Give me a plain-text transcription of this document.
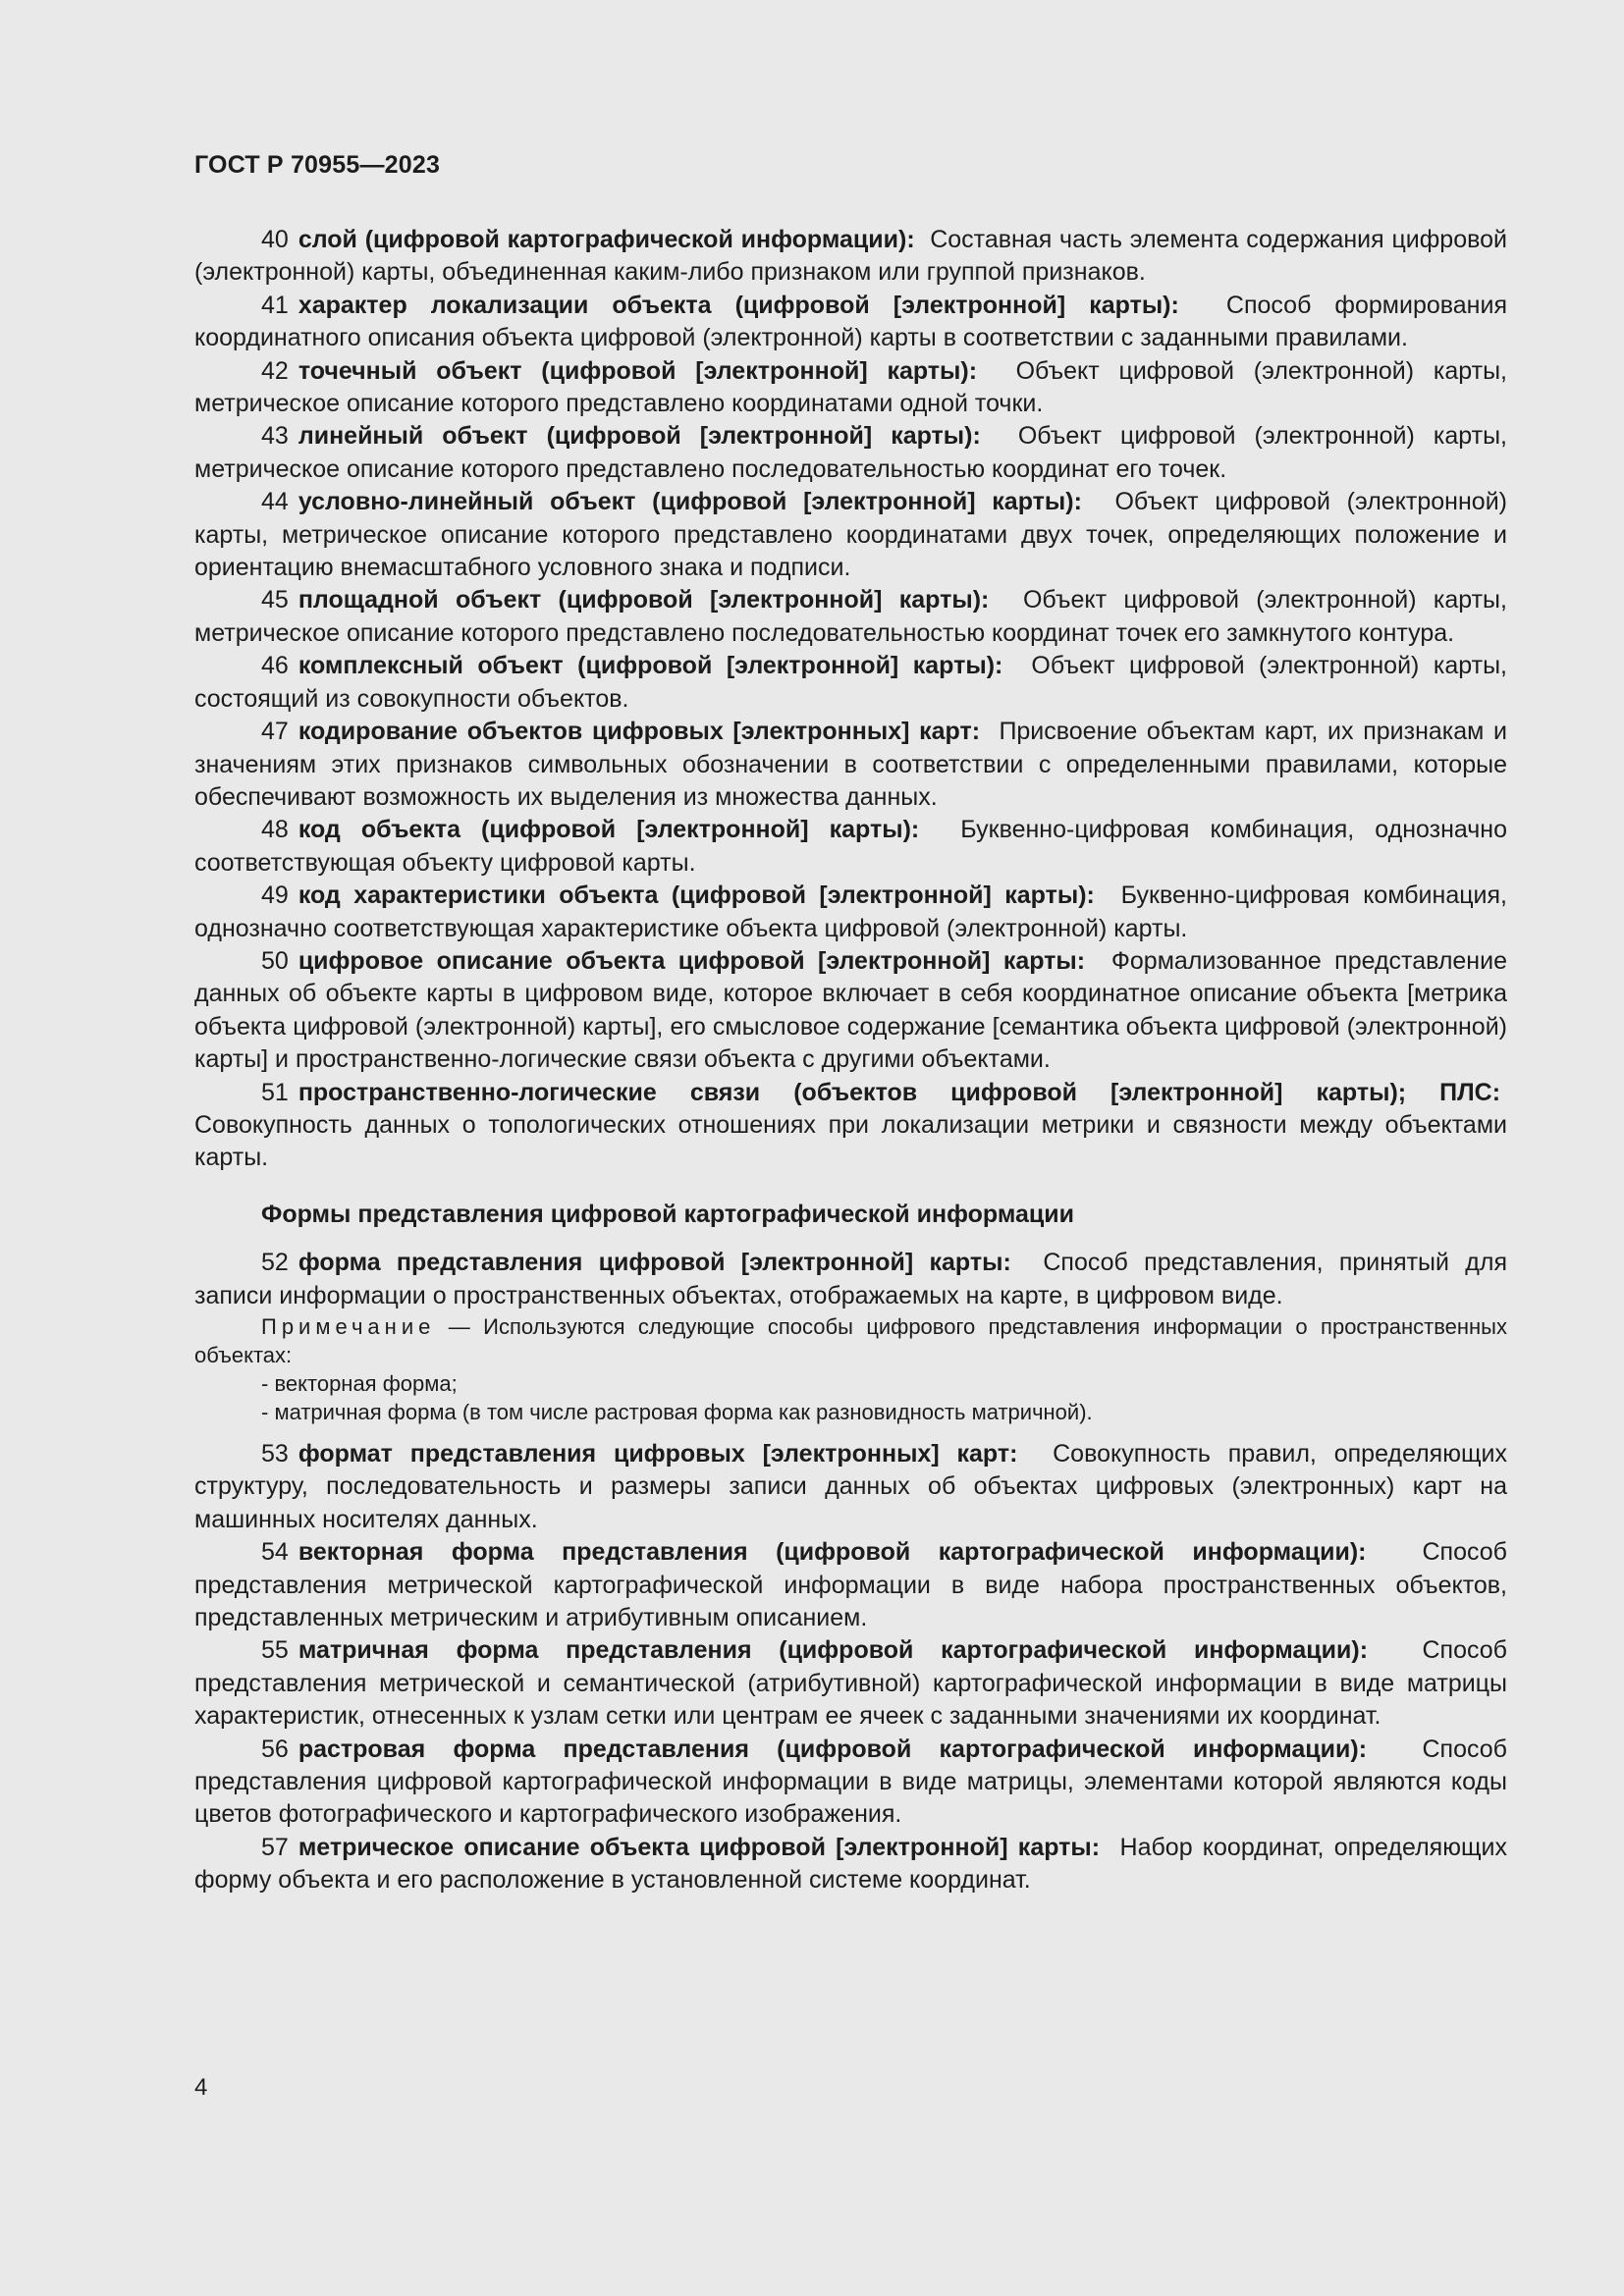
ГОСТ Р 70955—2023

40 слой (цифровой картографической информации): Составная часть элемента содержания цифровой (электронной) карты, объединенная каким-либо признаком или группой признаков.

41 характер локализации объекта (цифровой [электронной] карты): Способ формирования координатного описания объекта цифровой (электронной) карты в соответствии с заданными правилами.

42 точечный объект (цифровой [электронной] карты): Объект цифровой (электронной) карты, метрическое описание которого представлено координатами одной точки.

43 линейный объект (цифровой [электронной] карты): Объект цифровой (электронной) карты, метрическое описание которого представлено последовательностью координат его точек.

44 условно-линейный объект (цифровой [электронной] карты): Объект цифровой (электронной) карты, метрическое описание которого представлено координатами двух точек, определяющих положение и ориентацию внемасштабного условного знака и подписи.

45 площадной объект (цифровой [электронной] карты): Объект цифровой (электронной) карты, метрическое описание которого представлено последовательностью координат точек его замкнутого контура.

46 комплексный объект (цифровой [электронной] карты): Объект цифровой (электронной) карты, состоящий из совокупности объектов.

47 кодирование объектов цифровых [электронных] карт: Присвоение объектам карт, их признакам и значениям этих признаков символьных обозначении в соответствии с определенными правилами, которые обеспечивают возможность их выделения из множества данных.

48 код объекта (цифровой [электронной] карты): Буквенно-цифровая комбинация, однозначно соответствующая объекту цифровой карты.

49 код характеристики объекта (цифровой [электронной] карты): Буквенно-цифровая комбинация, однозначно соответствующая характеристике объекта цифровой (электронной) карты.

50 цифровое описание объекта цифровой [электронной] карты: Формализованное представление данных об объекте карты в цифровом виде, которое включает в себя координатное описание объекта [метрика объекта цифровой (электронной) карты], его смысловое содержание [семантика объекта цифровой (электронной) карты] и пространственно-логические связи объекта с другими объектами.

51 пространственно-логические связи (объектов цифровой [электронной] карты); ПЛС:  Совокупность данных о топологических отношениях при локализации метрики и связности между объектами карты.

Формы представления цифровой картографической информации

52 форма представления цифровой [электронной] карты: Способ представления, принятый для записи информации о пространственных объектах, отображаемых на карте, в цифровом виде.

Примечание — Используются следующие способы цифрового представления информации о пространственных объектах:

- векторная форма;
- матричная форма (в том числе растровая форма как разновидность матричной).

53 формат представления цифровых [электронных] карт: Совокупность правил, определяющих структуру, последовательность и размеры записи данных об объектах цифровых (электронных) карт на машинных носителях данных.

54 векторная форма представления (цифровой картографической информации): Способ представления метрической картографической информации в виде набора пространственных объектов, представленных метрическим и атрибутивным описанием.

55 матричная форма представления (цифровой картографической информации): Способ представления метрической и семантической (атрибутивной) картографической информации в виде матрицы характеристик, отнесенных к узлам сетки или центрам ее ячеек с заданными значениями их координат.

56 растровая форма представления (цифровой картографической информации): Способ представления цифровой картографической информации в виде матрицы, элементами которой являются коды цветов фотографического и картографического изображения.

57 метрическое описание объекта цифровой [электронной] карты: Набор координат, определяющих форму объекта и его расположение в установленной системе координат.

4
